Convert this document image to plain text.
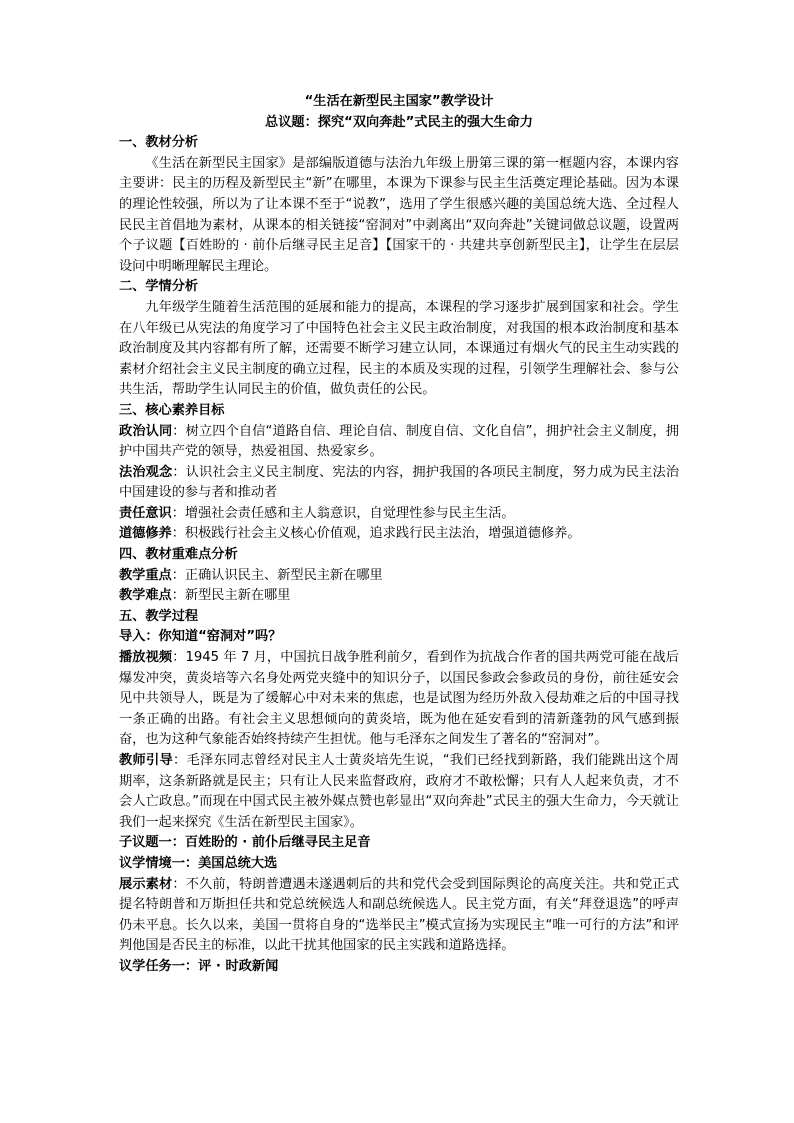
“生活在新型民主国家”教学设计

总议题：探究“双向奔赴”式民主的强大生命力

一、教材分析

《生活在新型民主国家》是部编版道德与法治九年级上册第三课的第一框题内容，本课内容主要讲：民主的历程及新型民主“新”在哪里，本课为下课参与民主生活奠定理论基础。因为本课的理论性较强，所以为了让本课不至于“说教”，选用了学生很感兴趣的美国总统大选、全过程人民民主首倡地为素材，从课本的相关链接“窑洞对”中剥离出“双向奔赴”关键词做总议题，设置两个子议题【百姓盼的 · 前仆后继寻民主足音】【国家干的 · 共建共享创新型民主】，让学生在层层设问中明晰理解民主理论。

二、学情分析

九年级学生随着生活范围的延展和能力的提高，本课程的学习逐步扩展到国家和社会。学生在八年级已从宪法的角度学习了中国特色社会主义民主政治制度，对我国的根本政治制度和基本政治制度及其内容都有所了解，还需要不断学习建立认同，本课通过有烟火气的民主生动实践的素材介绍社会主义民主制度的确立过程，民主的本质及实现的过程，引领学生理解社会、参与公共生活，帮助学生认同民主的价值，做负责任的公民。

三、核心素养目标

政治认同：树立四个自信“道路自信、理论自信、制度自信、文化自信”，拥护社会主义制度，拥护中国共产党的领导，热爱祖国、热爱家乡。

法治观念：认识社会主义民主制度、宪法的内容，拥护我国的各项民主制度，努力成为民主法治中国建设的参与者和推动者

责任意识：增强社会责任感和主人翁意识，自觉理性参与民主生活。

道德修养：积极践行社会主义核心价值观，追求践行民主法治，增强道德修养。

四、教材重难点分析

教学重点：正确认识民主、新型民主新在哪里

教学难点：新型民主新在哪里

五、教学过程

导入：你知道“窑洞对”吗？

播放视频：1945 年 7 月，中国抗日战争胜利前夕，看到作为抗战合作者的国共两党可能在战后爆发冲突，黄炎培等六名身处两党夹缝中的知识分子，以国民参政会参政员的身份，前往延安会见中共领导人，既是为了缓解心中对未来的焦虑，也是试图为经历外敌入侵劫难之后的中国寻找一条正确的出路。有社会主义思想倾向的黄炎培，既为他在延安看到的清新蓬勃的风气感到振奋，也为这种气象能否始终持续产生担忧。他与毛泽东之间发生了著名的“窑洞对”。

教师引导：毛泽东同志曾经对民主人士黄炎培先生说，“我们已经找到新路，我们能跳出这个周期率，这条新路就是民主；只有让人民来监督政府，政府才不敢松懈；只有人人起来负责，才不会人亡政息。”而现在中国式民主被外媒点赞也彰显出“双向奔赴”式民主的强大生命力，今天就让我们一起来探究《生活在新型民主国家》。

子议题一：百姓盼的 · 前仆后继寻民主足音

议学情境一：美国总统大选

展示素材：不久前，特朗普遭遇未遂遇刺后的共和党代会受到国际舆论的高度关注。共和党正式提名特朗普和万斯担任共和党总统候选人和副总统候选人。民主党方面，有关“拜登退选”的呼声仍未平息。长久以来，美国一贯将自身的“选举民主”模式宣扬为实现民主“唯一可行的方法”和评判他国是否民主的标准，以此干扰其他国家的民主实践和道路选择。

议学任务一：评 · 时政新闻
